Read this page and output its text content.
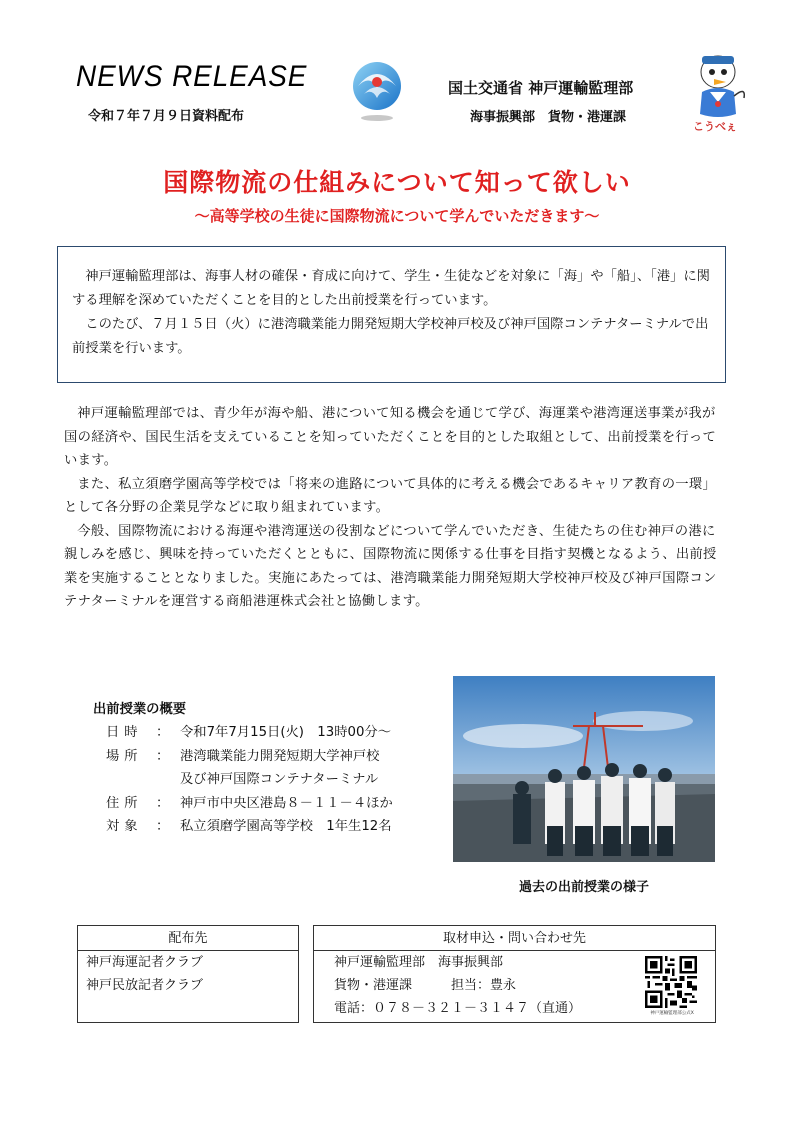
NEWS RELEASE
令和７年７月９日資料配布
国土交通省 神戸運輸監理部
海事振興部　貨物・港運課
こうべぇ
国際物流の仕組みについて知って欲しい
～高等学校の生徒に国際物流について学んでいただきます～

神戸運輸監理部は、海事人材の確保・育成に向けて、学生・生徒などを対象に「海」や「船」、「港」に関する理解を深めていただくことを目的とした出前授業を行っています。

このたび、７月１５日（火）に港湾職業能力開発短期大学校神戸校及び神戸国際コンテナターミナルで出前授業を行います。

神戸運輸監理部では、青少年が海や船、港について知る機会を通じて学び、海運業や港湾運送事業が我が国の経済や、国民生活を支えていることを知っていただくことを目的とした取組として、出前授業を行っています。

また、私立須磨学園高等学校では「将来の進路について具体的に考える機会であるキャリア教育の一環」として各分野の企業見学などに取り組まれています。

今般、国際物流における海運や港湾運送の役割などについて学んでいただき、生徒たちの住む神戸の港に親しみを感じ、興味を持っていただくとともに、国際物流に関係する仕事を目指す契機となるよう、出前授業を実施することとなりました。実施にあたっては、港湾職業能力開発短期大学校神戸校及び神戸国際コンテナターミナルを運営する商船港運株式会社と協働します。

出前授業の概要
日時	： 令和7年7月15日(火)　13時00分～
場所	： 港湾職業能力開発短期大学神戸校
及び神戸国際コンテナターミナル
住所	： 神戸市中央区港島８－１１－４ほか
対象	： 私立須磨学園高等学校　1年生12名
過去の出前授業の様子
配布先
神戸海運記者クラブ
神戸民放記者クラブ
取材申込・問い合わせ先
神戸運輸監理部　海事振興部
貨物・港運課　　　担当：豊永
電話：０７８－３２１－３１４７（直通）	神戸運輸監理部公式X
